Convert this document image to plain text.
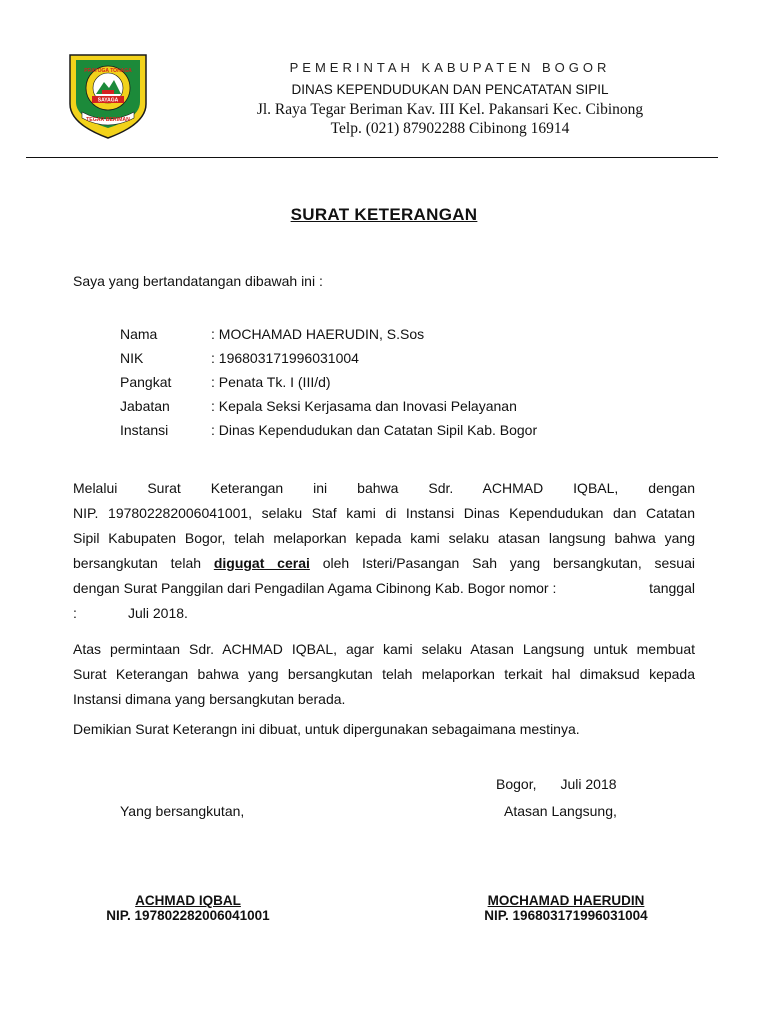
PRAYOGA TOHAGA
SAYAGA
TEGAR BERIMAN
PEMERINTAH KABUPATEN BOGOR
DINAS KEPENDUDUKAN DAN PENCATATAN SIPIL
Jl. Raya Tegar Beriman Kav. III Kel. Pakansari Kec. Cibinong
Telp. (021) 87902288 Cibinong 16914
SURAT KETERANGAN
Saya yang bertandatangan dibawah ini :
Nama	: MOCHAMAD HAERUDIN, S.Sos
NIK	: 196803171996031004
Pangkat	: Penata Tk. I (III/d)
Jabatan	: Kepala Seksi Kerjasama dan Inovasi Pelayanan
Instansi	: Dinas Kependudukan dan Catatan Sipil Kab. Bogor
Melalui Surat Keterangan ini bahwa Sdr. ACHMAD IQBAL, dengan
NIP. 197802282006041001, selaku Staf kami di Instansi Dinas Kependudukan dan Catatan
Sipil Kabupaten Bogor, telah melaporkan kepada kami selaku atasan langsung bahwa yang
bersangkutan telah digugat cerai oleh Isteri/Pasangan Sah yang bersangkutan, sesuai
dengan Surat Panggilan dari Pengadilan Agama Cibinong Kab. Bogor nomor :	tanggal
:	Juli 2018.
Atas permintaan Sdr. ACHMAD IQBAL, agar kami selaku Atasan Langsung untuk membuat
Surat Keterangan bahwa yang bersangkutan telah melaporkan terkait hal dimaksud kepada
Instansi dimana yang bersangkutan berada.
Demikian Surat Keterangn ini dibuat, untuk dipergunakan sebagaimana mestinya.
Bogor, Juli 2018
Yang bersangkutan,	Atasan Langsung,
ACHMAD IQBAL
NIP. 197802282006041001
MOCHAMAD HAERUDIN
NIP. 196803171996031004
